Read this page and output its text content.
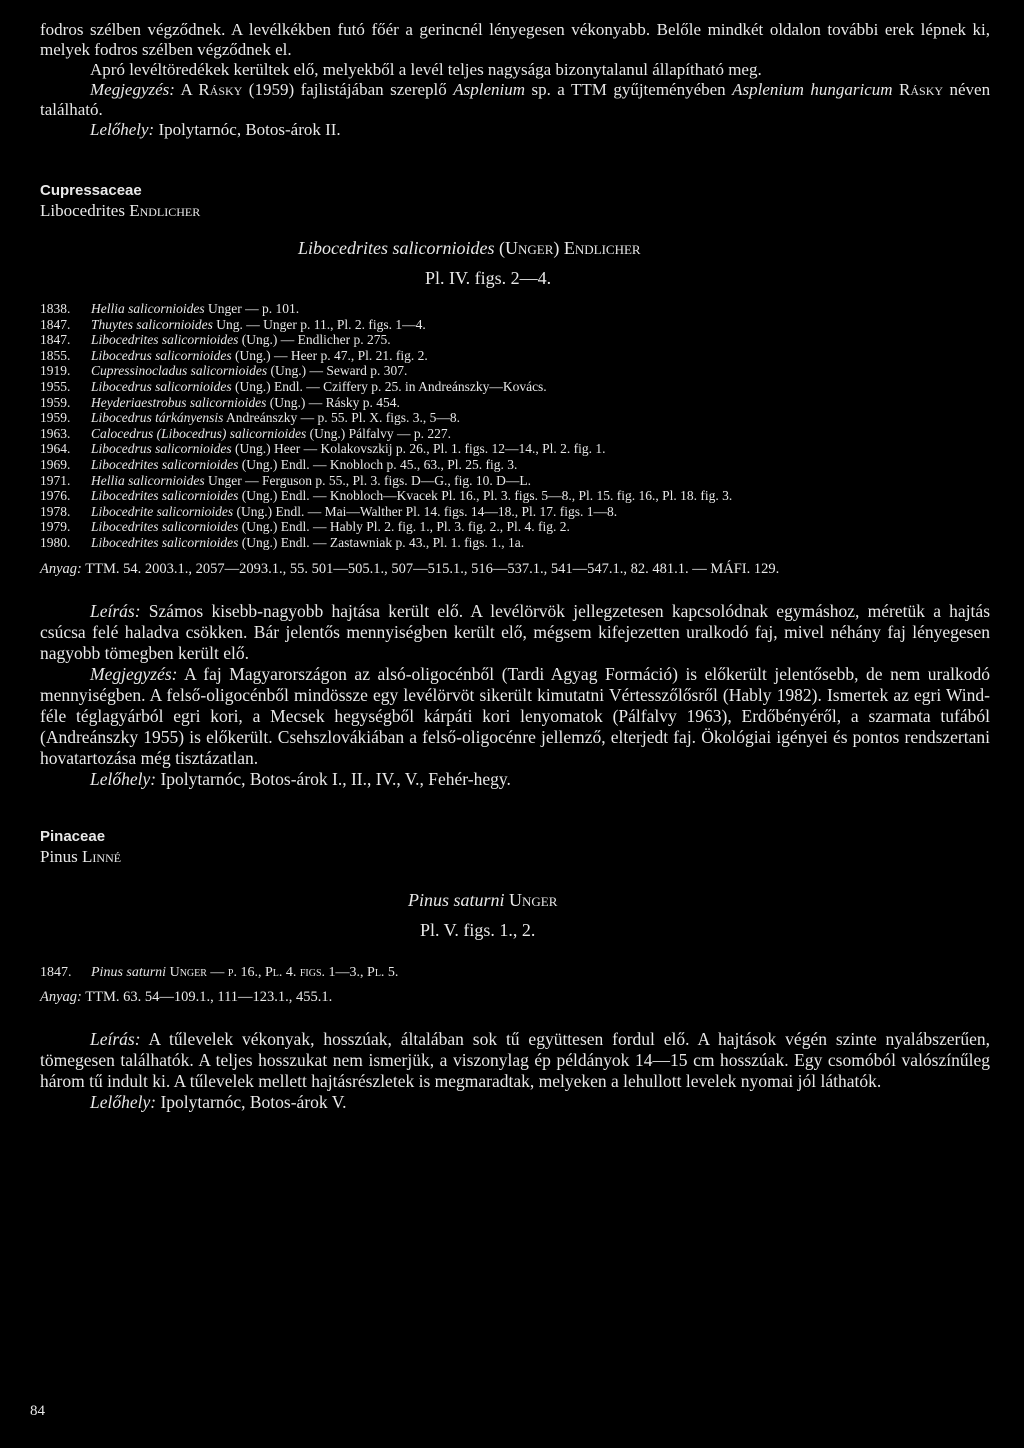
fodros szélben végződnek. A levélkékben futó főér a gerincnél lényegesen vékonyabb. Belőle mindkét oldalon további erek lépnek ki, melyek fodros szélben végződnek el.

Apró levéltöredékek kerültek elő, melyekből a levél teljes nagysága bizonytalanul állapítható meg.

Megjegyzés: A Rásky (1959) fajlistájában szereplő Asplenium sp. a TTM gyűjteményében Asplenium hungaricum Rásky néven található.

Lelőhely: Ipolytarnóc, Botos-árok II.

Cupressaceae
Libocedrites Endlicher
Libocedrites salicornioides (Unger) Endlicher
Pl. IV. figs. 2—4.
1838.	Hellia salicornioides Unger — p. 101.
1847.	Thuytes salicornioides Ung. — Unger p. 11., Pl. 2. figs. 1—4.
1847.	Libocedrites salicornioides (Ung.) — Endlicher p. 275.
1855.	Libocedrus salicornioides (Ung.) — Heer p. 47., Pl. 21. fig. 2.
1919.	Cupressinocladus salicornioides (Ung.) — Seward p. 307.
1955.	Libocedrus salicornioides (Ung.) Endl. — Cziffery p. 25. in Andreánszky—Kovács.
1959.	Heyderiaestrobus salicornioides (Ung.) — Rásky p. 454.
1959.	Libocedrus tárkányensis Andreánszky — p. 55. Pl. X. figs. 3., 5—8.
1963.	Calocedrus (Libocedrus) salicornioides (Ung.) Pálfalvy — p. 227.
1964.	Libocedrus salicornioides (Ung.) Heer — Kolakovszkij p. 26., Pl. 1. figs. 12—14., Pl. 2. fig. 1.
1969.	Libocedrites salicornioides (Ung.) Endl. — Knobloch p. 45., 63., Pl. 25. fig. 3.
1971.	Hellia salicornioides Unger — Ferguson p. 55., Pl. 3. figs. D—G., fig. 10. D—L.
1976.	Libocedrites salicornioides (Ung.) Endl. — Knobloch—Kvacek Pl. 16., Pl. 3. figs. 5—8., Pl. 15. fig. 16., Pl. 18. fig. 3.
1978.	Libocedrite salicornioides (Ung.) Endl. — Mai—Walther Pl. 14. figs. 14—18., Pl. 17. figs. 1—8.
1979.	Libocedrites salicornioides (Ung.) Endl. — Hably Pl. 2. fig. 1., Pl. 3. fig. 2., Pl. 4. fig. 2.
1980.	Libocedrites salicornioides (Ung.) Endl. — Zastawniak p. 43., Pl. 1. figs. 1., 1a.

Anyag: TTM. 54. 2003.1., 2057—2093.1., 55. 501—505.1., 507—515.1., 516—537.1., 541—547.1., 82. 481.1. — MÁFI. 129.

Leírás: Számos kisebb-nagyobb hajtása került elő. A levélörvök jellegzetesen kapcsolódnak egymáshoz, méretük a hajtás csúcsa felé haladva csökken. Bár jelentős mennyiségben került elő, mégsem kifejezetten uralkodó faj, mivel néhány faj lényegesen nagyobb tömegben került elő.

Megjegyzés: A faj Magyarországon az alsó-oligocénből (Tardi Agyag Formáció) is előkerült jelentősebb, de nem uralkodó mennyiségben. A felső-oligocénből mindössze egy levélörvöt sikerült kimutatni Vértesszőlősről (Hably 1982). Ismertek az egri Wind-féle téglagyárból egri kori, a Mecsek hegységből kárpáti kori lenyomatok (Pálfalvy 1963), Erdőbényéről, a szarmata tufából (Andreánszky 1955) is előkerült. Csehszlovákiában a felső-oligocénre jellemző, elterjedt faj. Ökológiai igényei és pontos rendszertani hovatartozása még tisztázatlan.

Lelőhely: Ipolytarnóc, Botos-árok I., II., IV., V., Fehér-hegy.

Pinaceae
Pinus Linné
Pinus saturni Unger
Pl. V. figs. 1., 2.
1847.	Pinus saturni Unger — p. 16., Pl. 4. figs. 1—3., Pl. 5.

Anyag: TTM. 63. 54—109.1., 111—123.1., 455.1.

Leírás: A tűlevelek vékonyak, hosszúak, általában sok tű együttesen fordul elő. A hajtások végén szinte nyalábszerűen, tömegesen találhatók. A teljes hosszukat nem ismerjük, a viszonylag ép példányok 14—15 cm hosszúak. Egy csomóból valószínűleg három tű indult ki. A tűlevelek mellett hajtásrészletek is megmaradtak, melyeken a lehullott levelek nyomai jól láthatók.

Lelőhely: Ipolytarnóc, Botos-árok V.

84
